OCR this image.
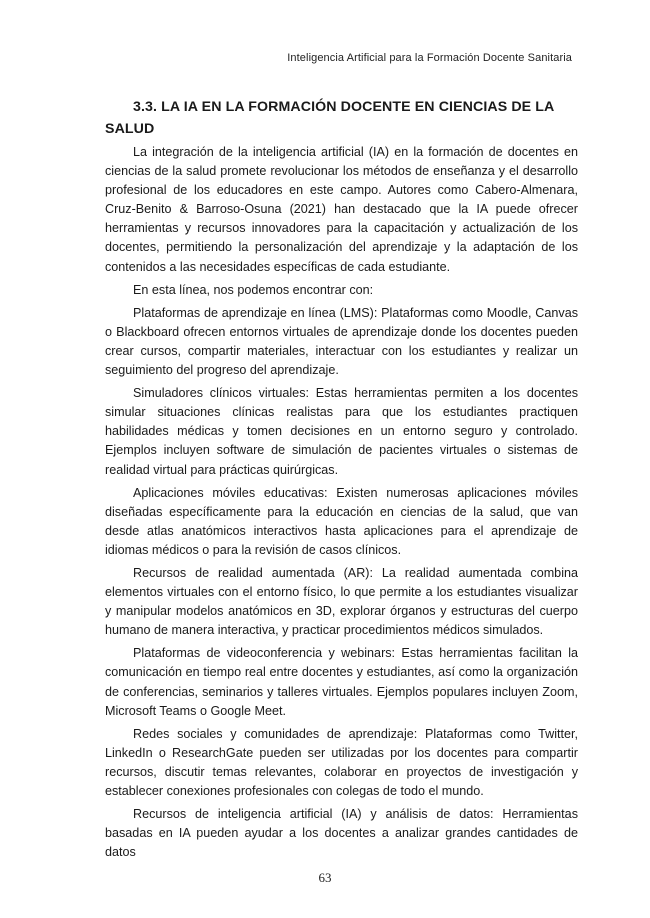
Inteligencia Artificial para la Formación Docente Sanitaria
3.3. LA IA EN LA FORMACIÓN DOCENTE EN CIENCIAS DE LA SALUD

La integración de la inteligencia artificial (IA) en la formación de docentes en ciencias de la salud promete revolucionar los métodos de enseñanza y el desarrollo profesional de los educadores en este campo. Autores como Cabero-Almenara, Cruz-Benito & Barroso-Osuna (2021) han destacado que la IA puede ofrecer herramientas y recursos innovadores para la capacitación y actualización de los docentes, permitiendo la personalización del aprendizaje y la adaptación de los contenidos a las necesidades específicas de cada estudiante.

En esta línea, nos podemos encontrar con:

Plataformas de aprendizaje en línea (LMS): Plataformas como Moodle, Canvas o Blackboard ofrecen entornos virtuales de aprendizaje donde los docentes pueden crear cursos, compartir materiales, interactuar con los estudiantes y realizar un seguimiento del progreso del aprendizaje.

Simuladores clínicos virtuales: Estas herramientas permiten a los docentes simular situaciones clínicas realistas para que los estudiantes practiquen habilidades médicas y tomen decisiones en un entorno seguro y controlado. Ejemplos incluyen software de simulación de pacientes virtuales o sistemas de realidad virtual para prácticas quirúrgicas.

Aplicaciones móviles educativas: Existen numerosas aplicaciones móviles diseñadas específicamente para la educación en ciencias de la salud, que van desde atlas anatómicos interactivos hasta aplicaciones para el aprendizaje de idiomas médicos o para la revisión de casos clínicos.

Recursos de realidad aumentada (AR): La realidad aumentada combina elementos virtuales con el entorno físico, lo que permite a los estudiantes visualizar y manipular modelos anatómicos en 3D, explorar órganos y estructuras del cuerpo humano de manera interactiva, y practicar procedimientos médicos simulados.

Plataformas de videoconferencia y webinars: Estas herramientas facilitan la comunicación en tiempo real entre docentes y estudiantes, así como la organización de conferencias, seminarios y talleres virtuales. Ejemplos populares incluyen Zoom, Microsoft Teams o Google Meet.

Redes sociales y comunidades de aprendizaje: Plataformas como Twitter, LinkedIn o ResearchGate pueden ser utilizadas por los docentes para compartir recursos, discutir temas relevantes, colaborar en proyectos de investigación y establecer conexiones profesionales con colegas de todo el mundo.

Recursos de inteligencia artificial (IA) y análisis de datos: Herramientas basadas en IA pueden ayudar a los docentes a analizar grandes cantidades de datos

63
